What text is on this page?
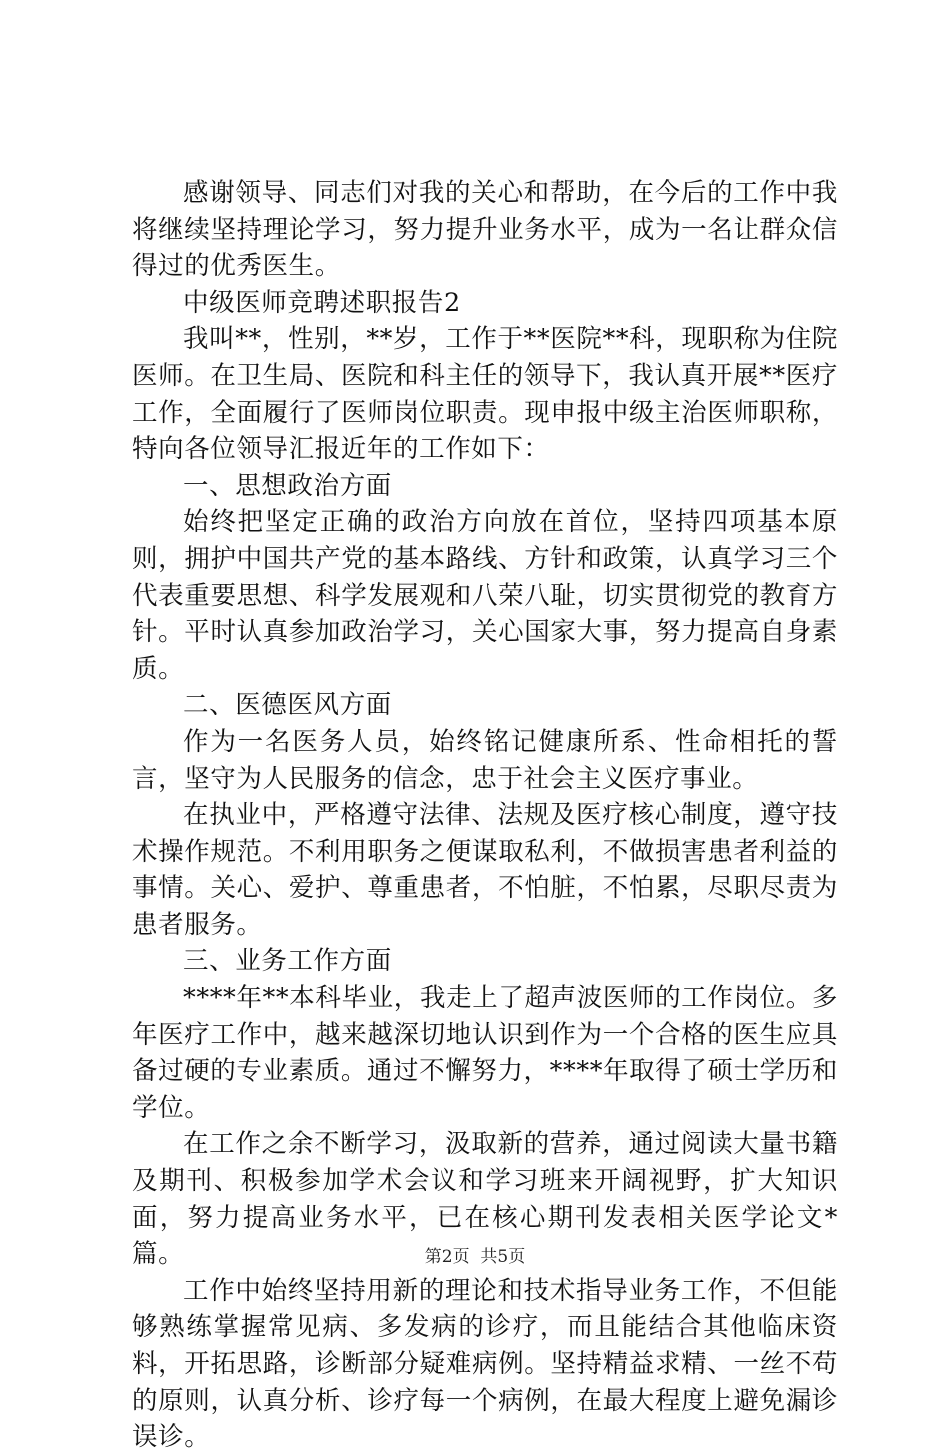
感谢领导、同志们对我的关心和帮助，在今后的工作中我将继续坚持理论学习，努力提升业务水平，成为一名让群众信得过的优秀医生。

中级医师竞聘述职报告2

我叫**，性别，**岁，工作于**医院**科，现职称为住院医师。在卫生局、医院和科主任的领导下，我认真开展**医疗工作，全面履行了医师岗位职责。现申报中级主治医师职称，特向各位领导汇报近年的工作如下：

一、思想政治方面

始终把坚定正确的政治方向放在首位，坚持四项基本原则，拥护中国共产党的基本路线、方针和政策，认真学习三个代表重要思想、科学发展观和八荣八耻，切实贯彻党的教育方针。平时认真参加政治学习，关心国家大事，努力提高自身素质。

二、医德医风方面

作为一名医务人员，始终铭记健康所系、性命相托的誓言，坚守为人民服务的信念，忠于社会主义医疗事业。

在执业中，严格遵守法律、法规及医疗核心制度，遵守技术操作规范。不利用职务之便谋取私利，不做损害患者利益的事情。关心、爱护、尊重患者，不怕脏，不怕累，尽职尽责为患者服务。

三、业务工作方面

****年**本科毕业，我走上了超声波医师的工作岗位。多年医疗工作中，越来越深切地认识到作为一个合格的医生应具备过硬的专业素质。通过不懈努力，****年取得了硕士学历和学位。

在工作之余不断学习，汲取新的营养，通过阅读大量书籍及期刊、积极参加学术会议和学习班来开阔视野，扩大知识面，努力提高业务水平，已在核心期刊发表相关医学论文*篇。

工作中始终坚持用新的理论和技术指导业务工作，不但能够熟练掌握常见病、多发病的诊疗，而且能结合其他临床资料，开拓思路，诊断部分疑难病例。坚持精益求精、一丝不苟的原则，认真分析、诊疗每一个病例，在最大程度上避免漏诊误诊。

第2页  共5页
